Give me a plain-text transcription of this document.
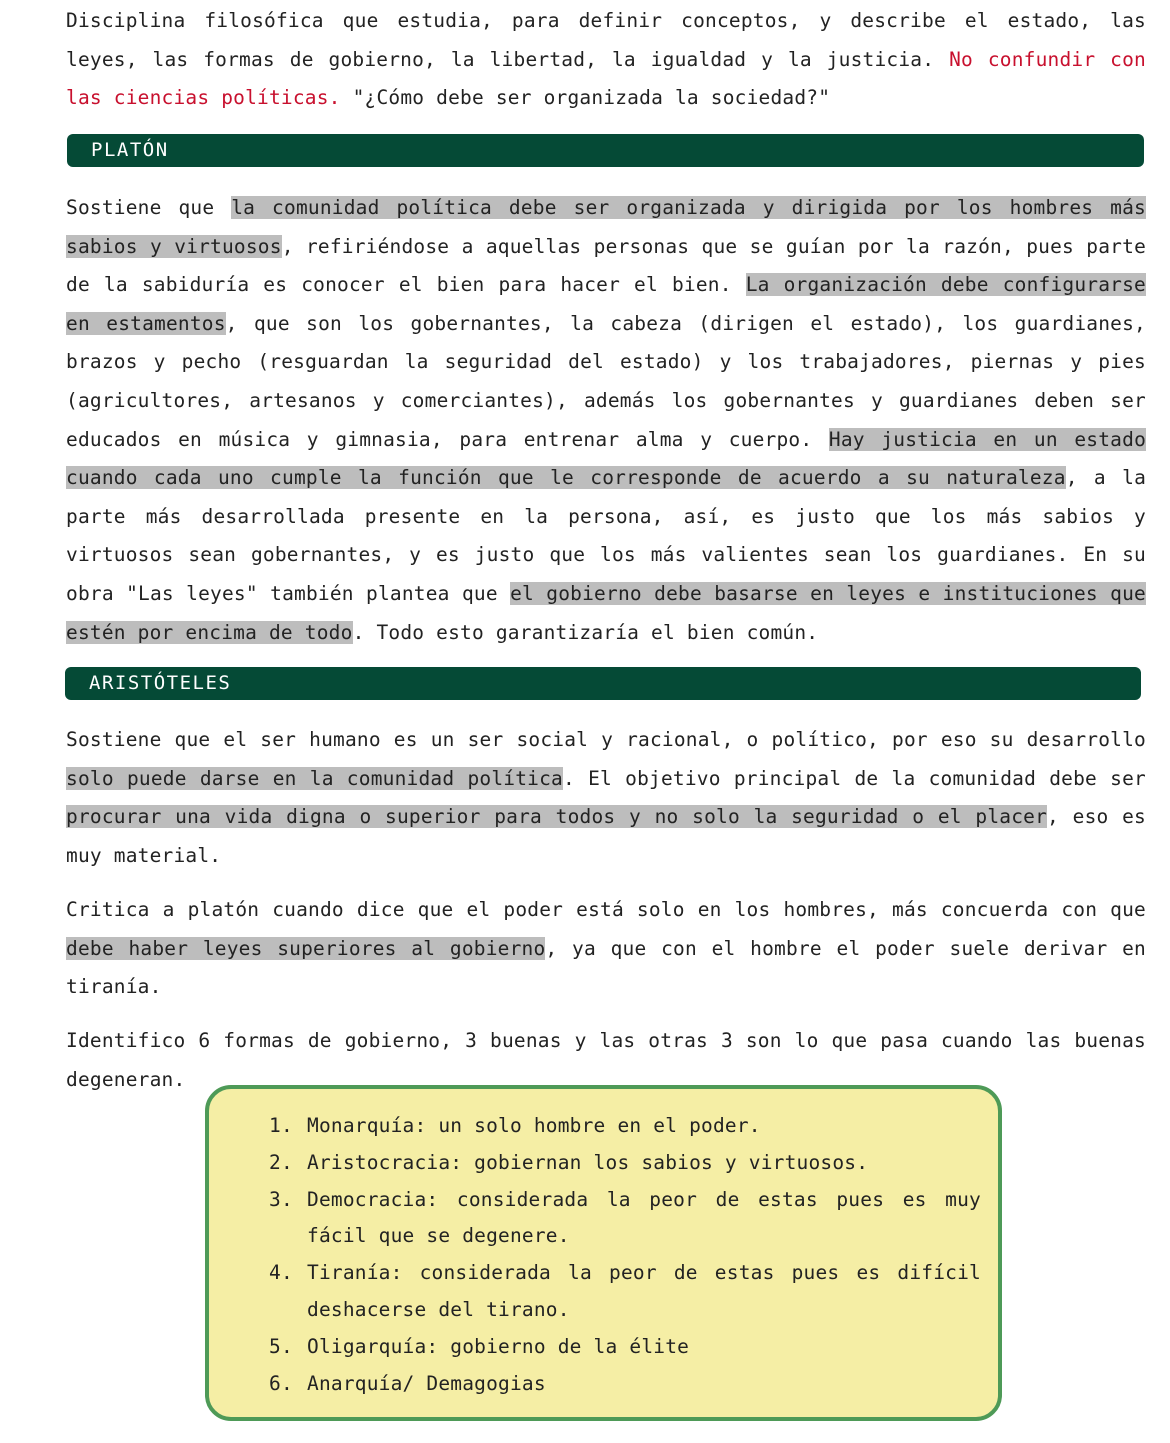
Disciplina filosófica que estudia, para definir conceptos, y describe el estado, las leyes, las formas de gobierno, la libertad, la igualdad y la justicia. No confundir con las ciencias políticas. "¿Cómo debe ser organizada la sociedad?"

PLATÓN

Sostiene que la comunidad política debe ser organizada y dirigida por los hombres más sabios y virtuosos, refiriéndose a aquellas personas que se guían por la razón, pues parte de la sabiduría es conocer el bien para hacer el bien. La organización debe configurarse en estamentos, que son los gobernantes, la cabeza (dirigen el estado), los guardianes, brazos y pecho (resguardan la seguridad del estado) y los trabajadores, piernas y pies (agricultores, artesanos y comerciantes), además los gobernantes y guardianes deben ser educados en música y gimnasia, para entrenar alma y cuerpo. Hay justicia en un estado cuando cada uno cumple la función que le corresponde de acuerdo a su naturaleza, a la parte más desarrollada presente en la persona, así, es justo que los más sabios y virtuosos sean gobernantes, y es justo que los más valientes sean los guardianes. En su obra "Las leyes" también plantea que el gobierno debe basarse en leyes e instituciones que estén por encima de todo. Todo esto garantizaría el bien común.

ARISTÓTELES

Sostiene que el ser humano es un ser social y racional, o político, por eso su desarrollo solo puede darse en la comunidad política. El objetivo principal de la comunidad debe ser procurar una vida digna o superior para todos y no solo la seguridad o el placer, eso es muy material.

Critica a platón cuando dice que el poder está solo en los hombres, más concuerda con que debe haber leyes superiores al gobierno, ya que con el hombre el poder suele derivar en tiranía.

Identifico 6 formas de gobierno, 3 buenas y las otras 3 son lo que pasa cuando las buenas degeneran.

1. Monarquía: un solo hombre en el poder.
2. Aristocracia: gobiernan los sabios y virtuosos.
3. Democracia: considerada la peor de estas pues es muy fácil que se degenere.
4. Tiranía: considerada la peor de estas pues es difícil deshacerse del tirano.
5. Oligarquía: gobierno de la élite
6. Anarquía/ Demagogias
